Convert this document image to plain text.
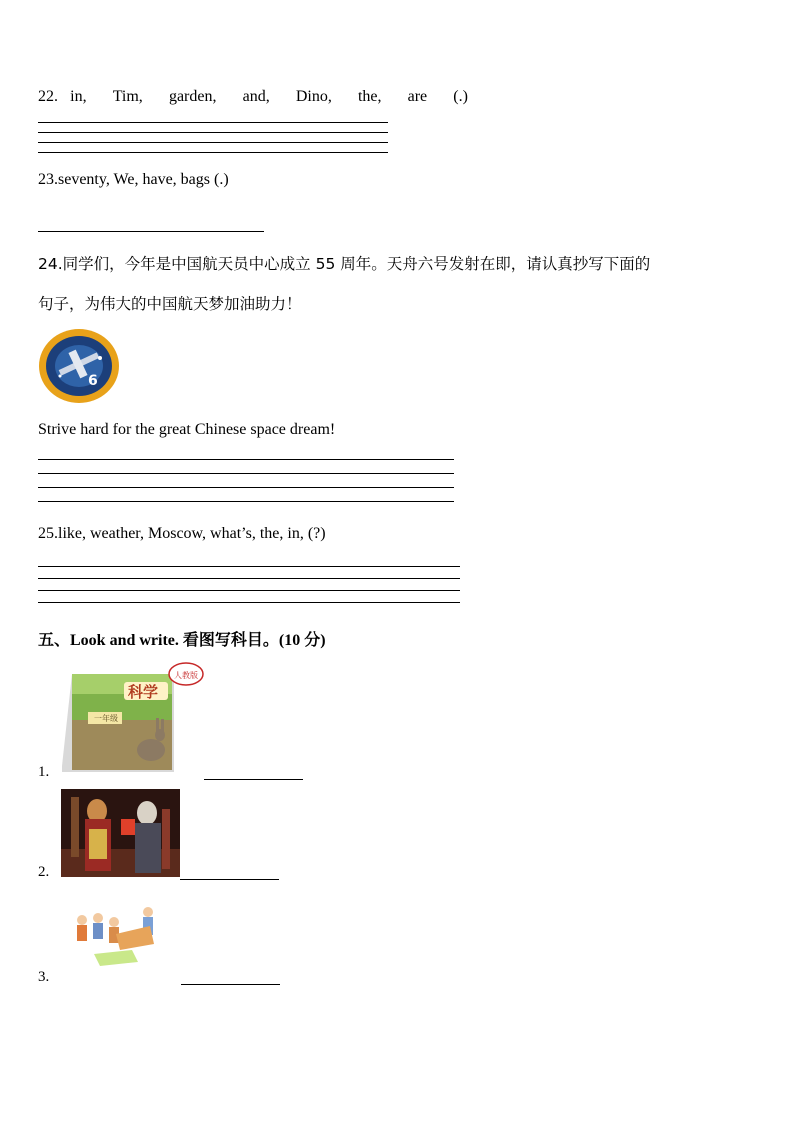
22. in, Tim, garden, and, Dino, the, are (.)
23.seventy, We, have, bags (.)
24.同学们，今年是中国航天员中心成立 55 周年。天舟六号发射在即，请认真抄写下面的
句子，为伟大的中国航天梦加油助力！
6
Strive hard for the great Chinese space dream!
25.like, weather, Moscow, what’s, the, in, (?)
五、Look and write. 看图写科目。(10 分)
科学
一年级
人教版
1.
2.
3.
